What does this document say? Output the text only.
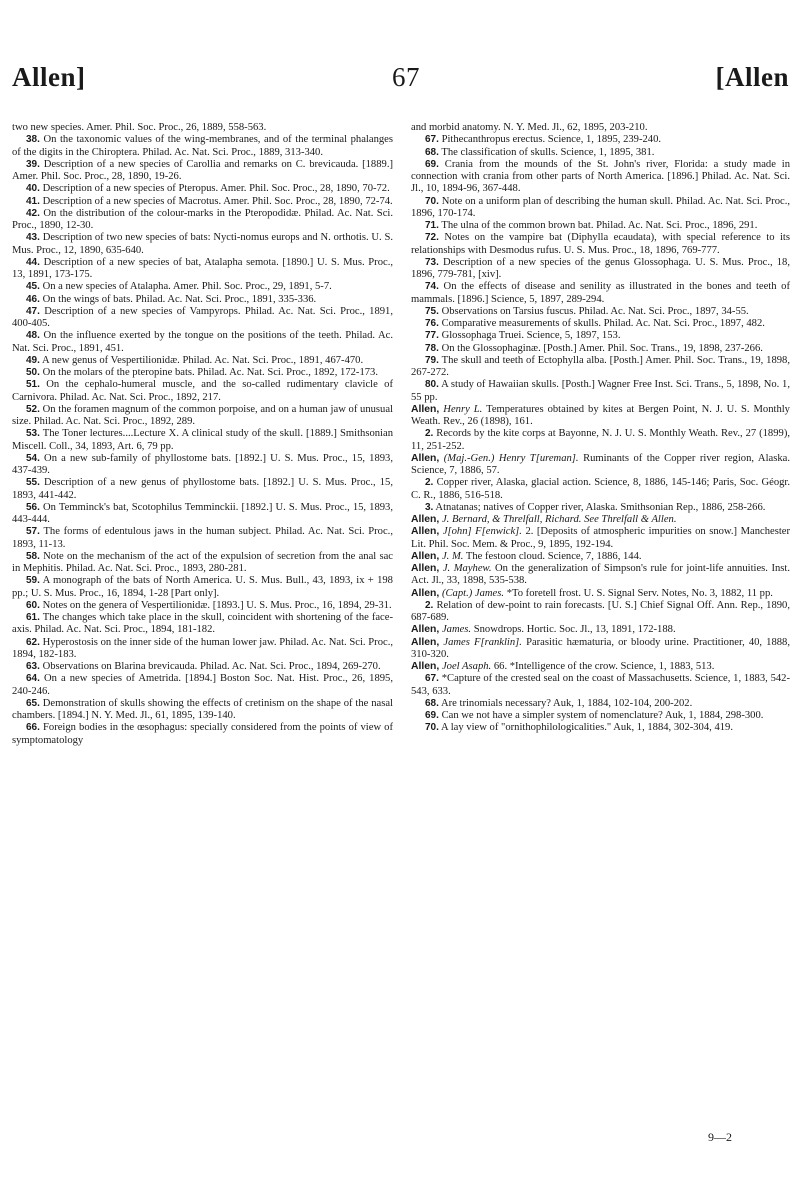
Allen]	67	[Allen

two new species. Amer. Phil. Soc. Proc., 26, 1889, 558-563.

38. On the taxonomic values of the wing-membranes, and of the terminal phalanges of the digits in the Chiroptera. Philad. Ac. Nat. Sci. Proc., 1889, 313-340.

39. Description of a new species of Carollia and remarks on C. brevicauda. [1889.] Amer. Phil. Soc. Proc., 28, 1890, 19-26.

40. Description of a new species of Pteropus. Amer. Phil. Soc. Proc., 28, 1890, 70-72.

41. Description of a new species of Macrotus. Amer. Phil. Soc. Proc., 28, 1890, 72-74.

42. On the distribution of the colour-marks in the Pteropodidæ. Philad. Ac. Nat. Sci. Proc., 1890, 12-30.

43. Description of two new species of bats: Nycti-nomus europs and N. orthotis. U. S. Mus. Proc., 12, 1890, 635-640.

44. Description of a new species of bat, Atalapha semota. [1890.] U. S. Mus. Proc., 13, 1891, 173-175.

45. On a new species of Atalapha. Amer. Phil. Soc. Proc., 29, 1891, 5-7.

46. On the wings of bats. Philad. Ac. Nat. Sci. Proc., 1891, 335-336.

47. Description of a new species of Vampyrops. Philad. Ac. Nat. Sci. Proc., 1891, 400-405.

48. On the influence exerted by the tongue on the positions of the teeth. Philad. Ac. Nat. Sci. Proc., 1891, 451.

49. A new genus of Vespertilionidæ. Philad. Ac. Nat. Sci. Proc., 1891, 467-470.

50. On the molars of the pteropine bats. Philad. Ac. Nat. Sci. Proc., 1892, 172-173.

51. On the cephalo-humeral muscle, and the so-called rudimentary clavicle of Carnivora. Philad. Ac. Nat. Sci. Proc., 1892, 217.

52. On the foramen magnum of the common porpoise, and on a human jaw of unusual size. Philad. Ac. Nat. Sci. Proc., 1892, 289.

53. The Toner lectures....Lecture X. A clinical study of the skull. [1889.] Smithsonian Miscell. Coll., 34, 1893, Art. 6, 79 pp.

54. On a new sub-family of phyllostome bats. [1892.] U. S. Mus. Proc., 15, 1893, 437-439.

55. Description of a new genus of phyllostome bats. [1892.] U. S. Mus. Proc., 15, 1893, 441-442.

56. On Temminck's bat, Scotophilus Temminckii. [1892.] U. S. Mus. Proc., 15, 1893, 443-444.

57. The forms of edentulous jaws in the human subject. Philad. Ac. Nat. Sci. Proc., 1893, 11-13.

58. Note on the mechanism of the act of the expulsion of secretion from the anal sac in Mephitis. Philad. Ac. Nat. Sci. Proc., 1893, 280-281.

59. A monograph of the bats of North America. U. S. Mus. Bull., 43, 1893, ix + 198 pp.; U. S. Mus. Proc., 16, 1894, 1-28 [Part only].

60. Notes on the genera of Vespertilionidæ. [1893.] U. S. Mus. Proc., 16, 1894, 29-31.

61. The changes which take place in the skull, coincident with shortening of the face-axis. Philad. Ac. Nat. Sci. Proc., 1894, 181-182.

62. Hyperostosis on the inner side of the human lower jaw. Philad. Ac. Nat. Sci. Proc., 1894, 182-183.

63. Observations on Blarina brevicauda. Philad. Ac. Nat. Sci. Proc., 1894, 269-270.

64. On a new species of Ametrida. [1894.] Boston Soc. Nat. Hist. Proc., 26, 1895, 240-246.

65. Demonstration of skulls showing the effects of cretinism on the shape of the nasal chambers. [1894.] N. Y. Med. Jl., 61, 1895, 139-140.

66. Foreign bodies in the œsophagus: specially considered from the points of view of symptomatology

and morbid anatomy. N. Y. Med. Jl., 62, 1895, 203-210.

67. Pithecanthropus erectus. Science, 1, 1895, 239-240.

68. The classification of skulls. Science, 1, 1895, 381.

69. Crania from the mounds of the St. John's river, Florida: a study made in connection with crania from other parts of North America. [1896.] Philad. Ac. Nat. Sci. Jl., 10, 1894-96, 367-448.

70. Note on a uniform plan of describing the human skull. Philad. Ac. Nat. Sci. Proc., 1896, 170-174.

71. The ulna of the common brown bat. Philad. Ac. Nat. Sci. Proc., 1896, 291.

72. Notes on the vampire bat (Diphylla ecaudata), with special reference to its relationships with Desmodus rufus. U. S. Mus. Proc., 18, 1896, 769-777.

73. Description of a new species of the genus Glossophaga. U. S. Mus. Proc., 18, 1896, 779-781, [xiv].

74. On the effects of disease and senility as illustrated in the bones and teeth of mammals. [1896.] Science, 5, 1897, 289-294.

75. Observations on Tarsius fuscus. Philad. Ac. Nat. Sci. Proc., 1897, 34-55.

76. Comparative measurements of skulls. Philad. Ac. Nat. Sci. Proc., 1897, 482.

77. Glossophaga Truei. Science, 5, 1897, 153.

78. On the Glossophaginæ. [Posth.] Amer. Phil. Soc. Trans., 19, 1898, 237-266.

79. The skull and teeth of Ectophylla alba. [Posth.] Amer. Phil. Soc. Trans., 19, 1898, 267-272.

80. A study of Hawaiian skulls. [Posth.] Wagner Free Inst. Sci. Trans., 5, 1898, No. 1, 55 pp.

Allen, Henry L. Temperatures obtained by kites at Bergen Point, N. J. U. S. Monthly Weath. Rev., 26 (1898), 161.

2. Records by the kite corps at Bayonne, N. J. U. S. Monthly Weath. Rev., 27 (1899), 11, 251-252.

Allen, (Maj.-Gen.) Henry T[ureman]. Ruminants of the Copper river region, Alaska. Science, 7, 1886, 57.

2. Copper river, Alaska, glacial action. Science, 8, 1886, 145-146; Paris, Soc. Géogr. C. R., 1886, 516-518.

3. Atnatanas; natives of Copper river, Alaska. Smithsonian Rep., 1886, 258-266.

Allen, J. Bernard, & Threlfall, Richard. See Threlfall & Allen.

Allen, J[ohn] F[enwick]. 2. [Deposits of atmospheric impurities on snow.] Manchester Lit. Phil. Soc. Mem. & Proc., 9, 1895, 192-194.

Allen, J. M. The festoon cloud. Science, 7, 1886, 144.

Allen, J. Mayhew. On the generalization of Simpson's rule for joint-life annuities. Inst. Act. Jl., 33, 1898, 535-538.

Allen, (Capt.) James. *To foretell frost. U. S. Signal Serv. Notes, No. 3, 1882, 11 pp.

2. Relation of dew-point to rain forecasts. [U. S.] Chief Signal Off. Ann. Rep., 1890, 687-689.

Allen, James. Snowdrops. Hortic. Soc. Jl., 13, 1891, 172-188.

Allen, James F[ranklin]. Parasitic hæmaturia, or bloody urine. Practitioner, 40, 1888, 310-320.

Allen, Joel Asaph. 66. *Intelligence of the crow. Science, 1, 1883, 513.

67. *Capture of the crested seal on the coast of Massachusetts. Science, 1, 1883, 542-543, 633.

68. Are trinomials necessary? Auk, 1, 1884, 102-104, 200-202.

69. Can we not have a simpler system of nomenclature? Auk, 1, 1884, 298-300.

70. A lay view of "ornithophilologicalities." Auk, 1, 1884, 302-304, 419.

9—2
